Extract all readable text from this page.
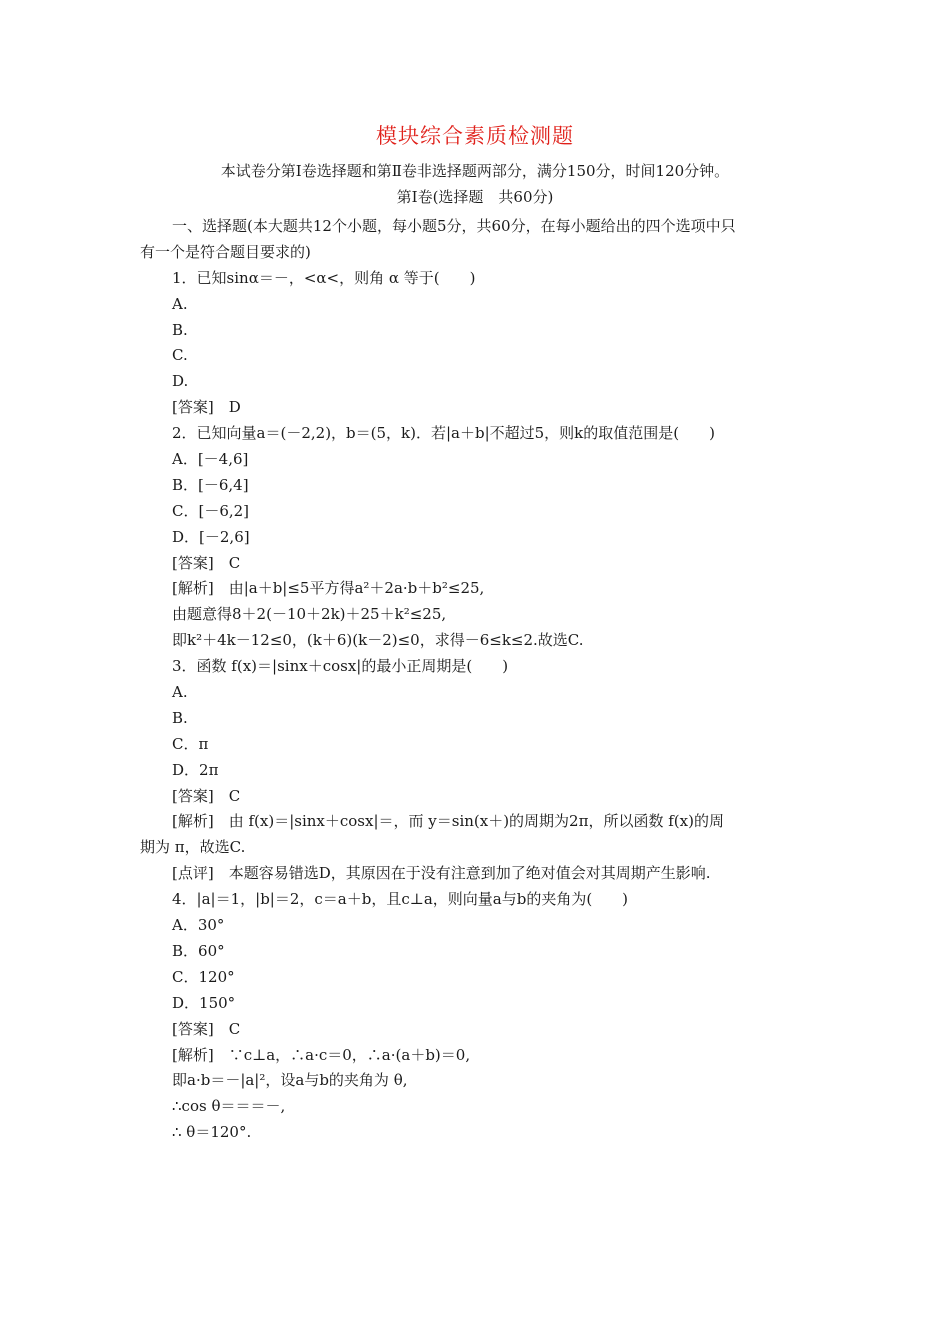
模块综合素质检测题
本试卷分第Ⅰ卷选择题和第Ⅱ卷非选择题两部分，满分150分，时间120分钟。
第Ⅰ卷(选择题　共60分)
一、选择题(本大题共12个小题，每小题5分，共60分，在每小题给出的四个选项中只
有一个是符合题目要求的)
1．已知sinα＝－，<α<，则角 α 等于(　　)
A.
B.
C.
D.
[答案]　D
2．已知向量a＝(－2,2)，b＝(5，k)．若|a＋b|不超过5，则k的取值范围是(　　)
A．[－4,6]
B．[－6,4]
C．[－6,2]
D．[－2,6]
[答案]　C
[解析]　由|a＋b|≤5平方得a²＋2a·b＋b²≤25,
由题意得8＋2(－10＋2k)＋25＋k²≤25,
即k²＋4k－12≤0，(k＋6)(k－2)≤0，求得－6≤k≤2.故选C.
3．函数 f(x)＝|sinx＋cosx|的最小正周期是(　　)
A.
B.
C．π
D．2π
[答案]　C
[解析]　由 f(x)＝|sinx＋cosx|＝，而 y＝sin(x＋)的周期为2π，所以函数 f(x)的周
期为 π，故选C.
[点评]　本题容易错选D，其原因在于没有注意到加了绝对值会对其周期产生影响.
4．|a|＝1，|b|＝2，c＝a＋b，且c⊥a，则向量a与b的夹角为(　　)
A．30°
B．60°
C．120°
D．150°
[答案]　C
[解析]　∵c⊥a，∴a·c＝0，∴a·(a＋b)＝0,
即a·b＝－|a|²，设a与b的夹角为 θ,
∴cos θ＝＝＝－,
∴ θ＝120°.
